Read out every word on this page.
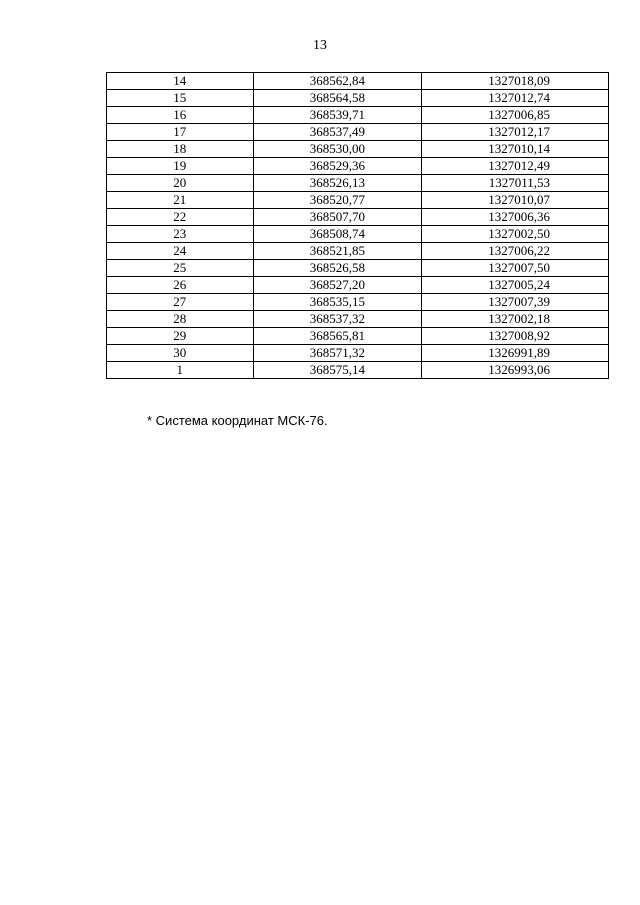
13
14	368562,84	1327018,09
15	368564,58	1327012,74
16	368539,71	1327006,85
17	368537,49	1327012,17
18	368530,00	1327010,14
19	368529,36	1327012,49
20	368526,13	1327011,53
21	368520,77	1327010,07
22	368507,70	1327006,36
23	368508,74	1327002,50
24	368521,85	1327006,22
25	368526,58	1327007,50
26	368527,20	1327005,24
27	368535,15	1327007,39
28	368537,32	1327002,18
29	368565,81	1327008,92
30	368571,32	1326991,89
1	368575,14	1326993,06
* Система координат МСК-76.
